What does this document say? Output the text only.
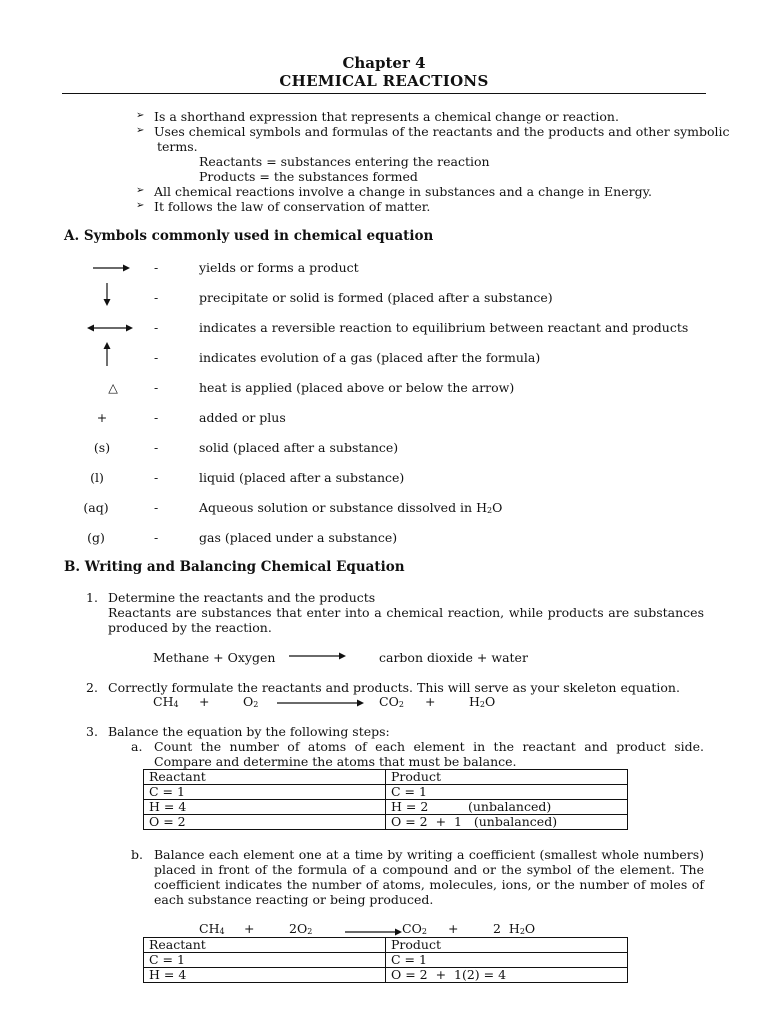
Chapter 4
CHEMICAL REACTIONS
➢ Is a shorthand expression that represents a chemical change or reaction.
➢ Uses chemical symbols and formulas of the reactants and the products and other symbolic
terms.
Reactants = substances entering the reaction
Products = the substances formed
➢ All chemical reactions involve a change in substances and a change in Energy.
➢ It follows the law of conservation of matter.
A. Symbols commonly used in chemical equation
-	yields or forms a product
-	precipitate or solid is formed (placed after a substance)
-	indicates a reversible reaction to equilibrium between reactant and products
-	indicates evolution of a gas (placed after the formula)
△	-	heat is applied (placed above or below the arrow)
+	-	added or plus
(s)	-	solid (placed after a substance)
(l)	-	liquid (placed after a substance)
(aq)	-	Aqueous solution or substance dissolved in $H_2O$
(g)	-	gas (placed under a substance)
B. Writing and Balancing Chemical Equation
1. Determine the reactants and the products
Reactants are substances that enter into a chemical reaction, while products are substances produced by the reaction.
Methane + Oxygen	carbon dioxide + water
2. Correctly formulate the reactants and products. This will serve as your skeleton equation.
$CH_4$ +	$O_2$	$CO_2$ +	$H_2O$
3. Balance the equation by the following steps:
a. Count the number of atoms of each element in the reactant and product side. Compare and determine the atoms that must be balance.
Reactant	Product
C = 1	C = 1
H = 4	H = 2          (unbalanced)
O = 2	O = 2  +  1   (unbalanced)
b. Balance each element one at a time by writing a coefficient (smallest whole numbers) placed in front of the formula of a compound and or the symbol of the element. The coefficient indicates the number of atoms, molecules, ions, or the number of moles of each substance reacting or being produced.
$CH_4$ +	$2O_2$	$CO_2$ +	2  $H_2O$
Reactant	Product
C = 1	C = 1
H = 4	O = 2  +  1(2) = 4
